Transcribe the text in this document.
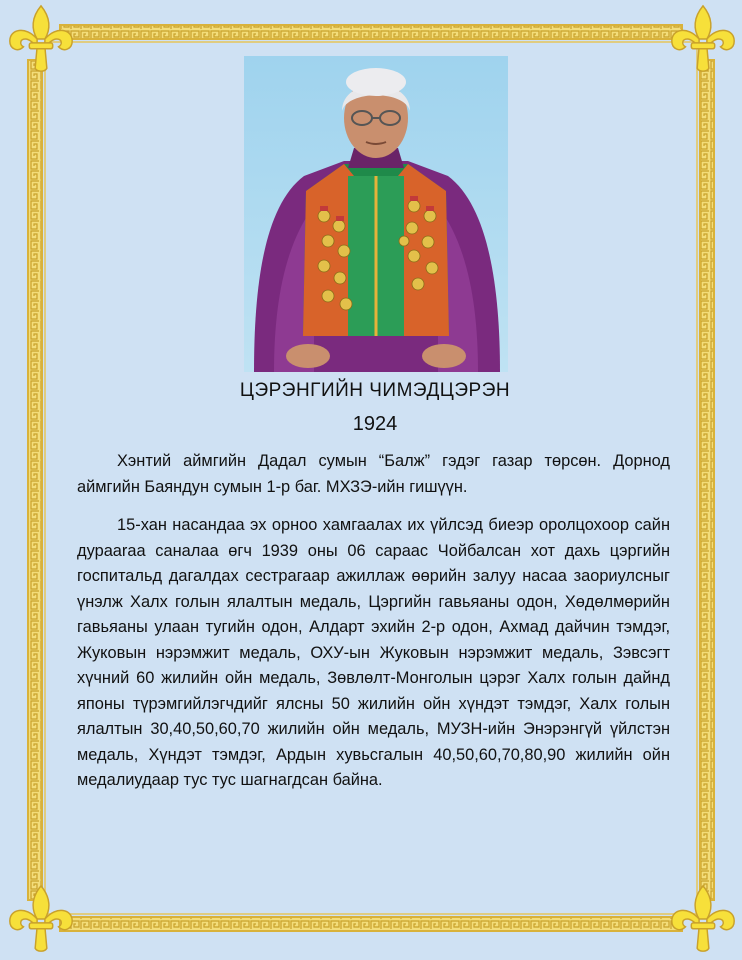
ЦЭРЭНГИЙН ЧИМЭДЦЭРЭН
1924
Хэнтий аймгийн Дадал сумын “Балж” гэдэг газар төрсөн. Дорнод аймгийн Баяндун сумын 1-р баг. МХЗЭ-ийн гишүүн.
15-хан насандаа эх орноо хамгаалах их үйлсэд биеэр оролцохоор сайн дурааraa саналаа өгч 1939 оны 06 сараас Чойбалсан хот дахь цэргийн госпитальд дагалдах сестрагаар ажиллаж өөрийн залуу насаа заориулсныг үнэлж Халх голын ялалтын медаль, Цэргийн гавьяаны одон, Хөдөлмөрийн гавьяаны улаан тугийн одон, Алдарт эхийн 2-р одон, Ахмад дайчин тэмдэг, Жуковын нэрэмжит медаль, ОХУ-ын Жуковын нэрэмжит медаль, Зэвсэгт хүчний 60 жилийн ойн медаль, Зөвлөлт-Монголын цэрэг Халх голын дайнд японы түрэмгийлэгчдийг ялсны 50 жилийн ойн хүндэт тэмдэг, Халх голын ялалтын 30,40,50,60,70 жилийн ойн медаль, МУЗН-ийн Энэрэнгүй үйлстэн медаль, Хүндэт тэмдэг, Ардын хувьсгалын 40,50,60,70,80,90 жилийн ойн медалиудаар тус тус шагнагдсан байна.
